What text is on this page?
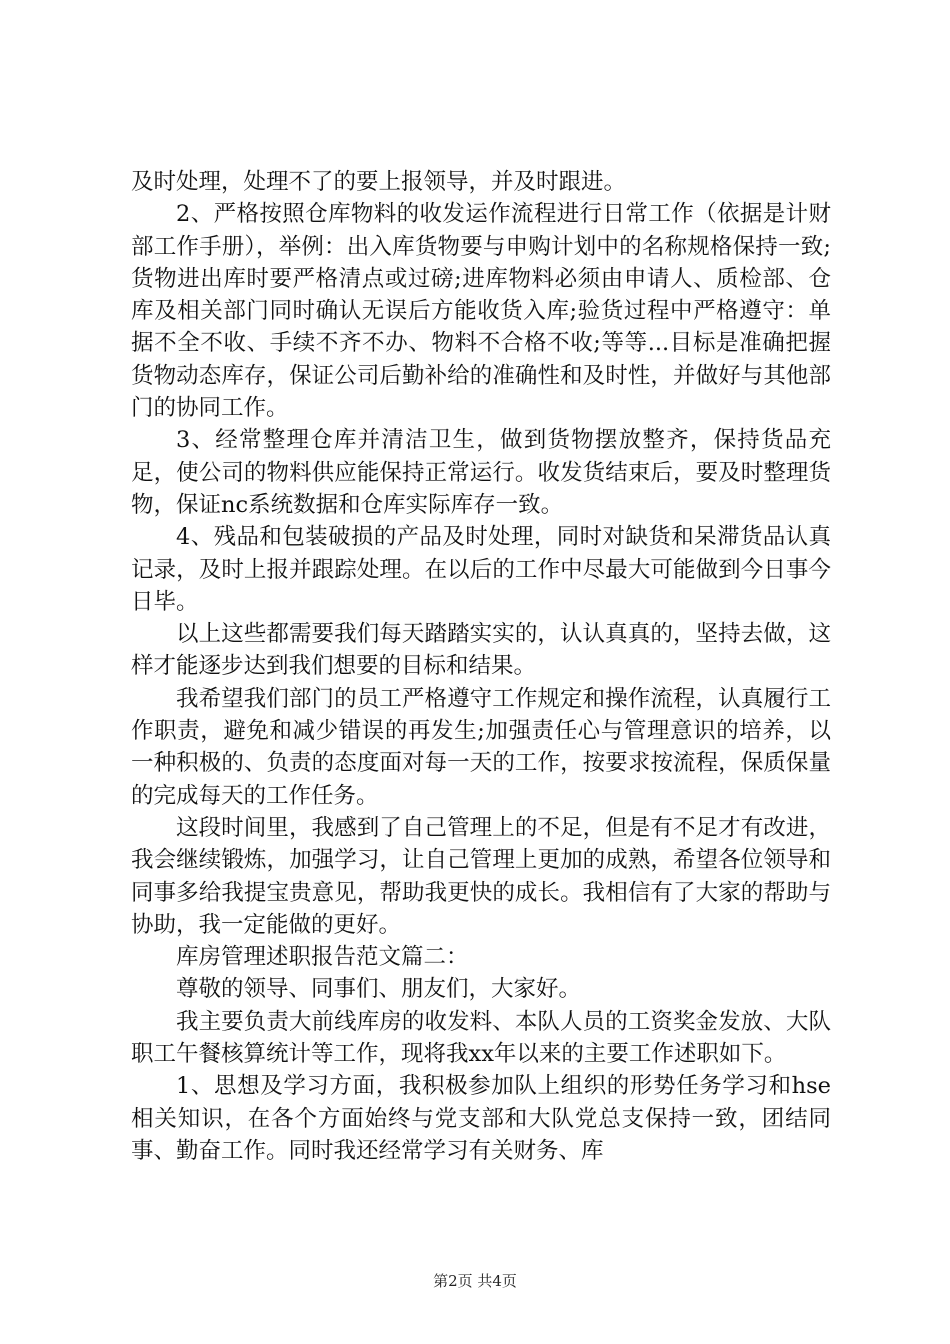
及时处理，处理不了的要上报领导，并及时跟进。

2、严格按照仓库物料的收发运作流程进行日常工作（依据是计财部工作手册），举例：出入库货物要与申购计划中的名称规格保持一致;货物进出库时要严格清点或过磅;进库物料必须由申请人、质检部、仓库及相关部门同时确认无误后方能收货入库;验货过程中严格遵守：单据不全不收、手续不齐不办、物料不合格不收;等等...目标是准确把握货物动态库存，保证公司后勤补给的准确性和及时性，并做好与其他部门的协同工作。

3、经常整理仓库并清洁卫生，做到货物摆放整齐，保持货品充足，使公司的物料供应能保持正常运行。收发货结束后，要及时整理货物，保证nc系统数据和仓库实际库存一致。

4、残品和包装破损的产品及时处理，同时对缺货和呆滞货品认真记录，及时上报并跟踪处理。在以后的工作中尽最大可能做到今日事今日毕。

以上这些都需要我们每天踏踏实实的，认认真真的，坚持去做，这样才能逐步达到我们想要的目标和结果。

我希望我们部门的员工严格遵守工作规定和操作流程，认真履行工作职责，避免和减少错误的再发生;加强责任心与管理意识的培养，以一种积极的、负责的态度面对每一天的工作，按要求按流程，保质保量的完成每天的工作任务。

这段时间里，我感到了自己管理上的不足，但是有不足才有改进，我会继续锻炼，加强学习，让自己管理上更加的成熟，希望各位领导和同事多给我提宝贵意见，帮助我更快的成长。我相信有了大家的帮助与协助，我一定能做的更好。

库房管理述职报告范文篇二：

尊敬的领导、同事们、朋友们，大家好。

我主要负责大前线库房的收发料、本队人员的工资奖金发放、大队职工午餐核算统计等工作，现将我xx年以来的主要工作述职如下。

1、思想及学习方面，我积极参加队上组织的形势任务学习和hse相关知识，在各个方面始终与党支部和大队党总支保持一致，团结同事、勤奋工作。同时我还经常学习有关财务、库

第2页 共4页
